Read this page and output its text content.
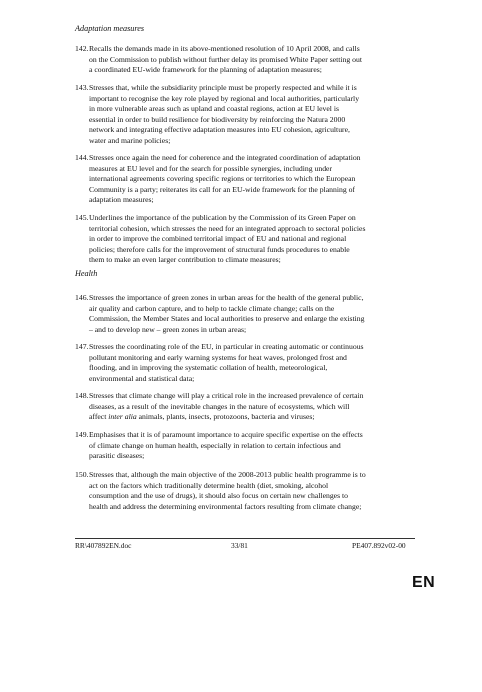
Adaptation measures
142. Recalls the demands made in its above-mentioned resolution of 10 April 2008, and calls
on the Commission to publish without further delay its promised White Paper setting out
a coordinated EU-wide framework for the planning of adaptation measures;
143. Stresses that, while the subsidiarity principle must be properly respected and while it is
important to recognise the key role played by regional and local authorities, particularly
in more vulnerable areas such as upland and coastal regions, action at EU level is
essential in order to build resilience for biodiversity by reinforcing the Natura 2000
network and integrating effective adaptation measures into EU cohesion, agriculture,
water and marine policies;
144. Stresses once again the need for coherence and the integrated coordination of adaptation
measures at EU level and for the search for possible synergies, including under
international agreements covering specific regions or territories to which the European
Community is a party; reiterates its call for an EU-wide framework for the planning of
adaptation measures;
145. Underlines the importance of the publication by the Commission of its Green Paper on
territorial cohesion, which stresses the need for an integrated approach to sectoral policies
in order to improve the combined territorial impact of EU and national and regional
policies; therefore calls for the improvement of structural funds procedures to enable
them to make an even larger contribution to climate measures;
Health
146. Stresses the importance of green zones in urban areas for the health of the general public,
air quality and carbon capture, and to help to tackle climate change; calls on the
Commission, the Member States and local authorities to preserve and enlarge the existing
– and to develop new – green zones in urban areas;
147. Stresses the coordinating role of the EU, in particular in creating automatic or continuous
pollutant monitoring and early warning systems for heat waves, prolonged frost and
flooding, and in improving the systematic collation of health, meteorological,
environmental and statistical data;
148. Stresses that climate change will play a critical role in the increased prevalence of certain
diseases, as a result of the inevitable changes in the nature of ecosystems, which will
affect inter alia animals, plants, insects, protozoons, bacteria and viruses;
149. Emphasises that it is of paramount importance to acquire specific expertise on the effects
of climate change on human health, especially in relation to certain infectious and
parasitic diseases;
150. Stresses that, although the main objective of the 2008-2013 public health programme is to
act on the factors which traditionally determine health (diet, smoking, alcohol
consumption and the use of drugs), it should also focus on certain new challenges to
health and address the determining environmental factors resulting from climate change;
RR\407892EN.doc	33/81	PE407.892v02-00
EN
